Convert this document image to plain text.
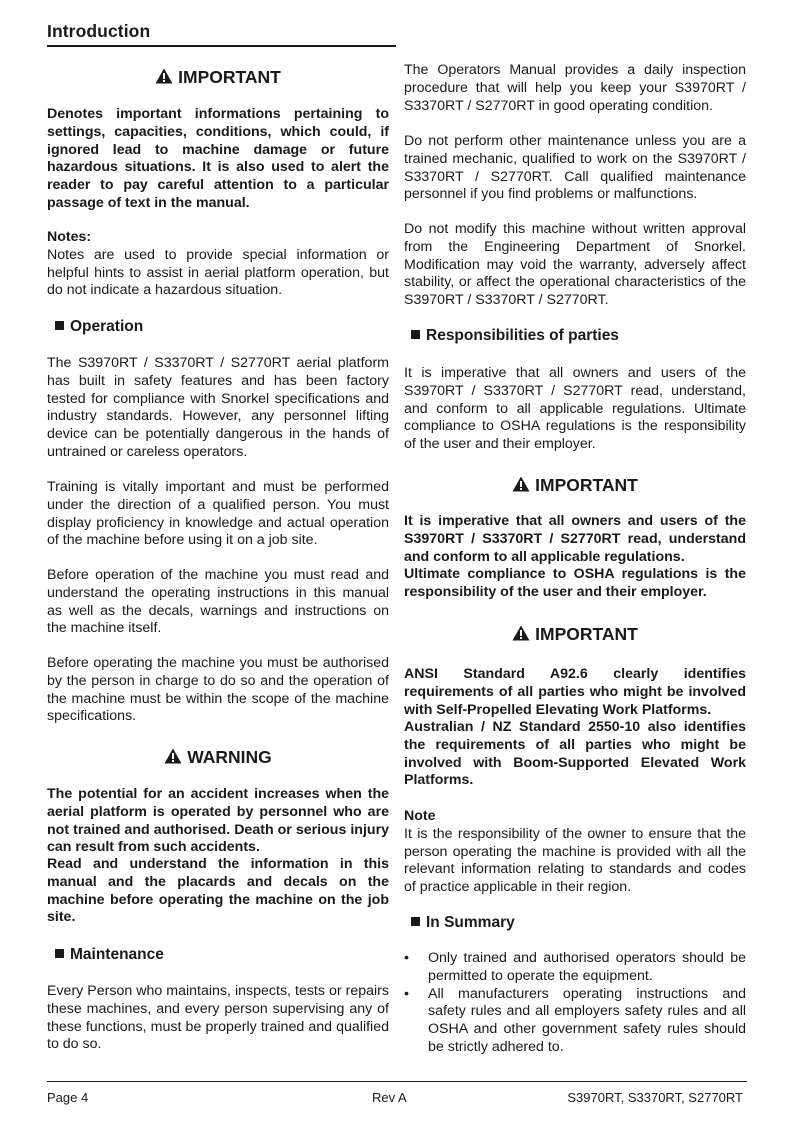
Introduction
IMPORTANT

Denotes important informations pertaining to settings, capacities, conditions, which could, if ignored lead to machine damage or future hazardous situations. It is also used to alert the reader to pay careful attention to a particular passage of text in the manual.

Notes:
Notes are used to provide special information or helpful hints to assist in aerial platform operation, but do not indicate a hazardous situation.

Operation

The S3970RT / S3370RT / S2770RT aerial platform has built in safety features and has been factory tested for compliance with Snorkel specifications and industry standards. However, any personnel lifting device can be potentially dangerous in the hands of untrained or careless operators.

Training is vitally important and must be performed under the direction of a qualified person. You must display proficiency in knowledge and actual operation of the machine before using it on a job site.

Before operation of the machine you must read and understand the operating instructions in this manual as well as the decals, warnings and instructions on the machine itself.

Before operating the machine you must be authorised by the person in charge to do so and the operation of the machine must be within the scope of the machine specifications.

WARNING

The potential for an accident increases when the aerial platform is operated by personnel who are not trained and authorised. Death or serious injury can result from such accidents.

Read and understand the information in this manual and the placards and decals on the machine before operating the machine on the job site.

Maintenance

Every Person who maintains, inspects, tests or repairs these machines, and every person supervising any of these functions, must be properly trained and qualified to do so.

The Operators Manual provides a daily inspection procedure that will help you keep your S3970RT / S3370RT / S2770RT in good operating condition.

Do not perform other maintenance unless you are a trained mechanic, qualified to work on the S3970RT / S3370RT / S2770RT. Call qualified maintenance personnel if you find problems or malfunctions.

Do not modify this machine without written approval from the Engineering Department of Snorkel. Modification may void the warranty, adversely affect stability, or affect the operational characteristics of the S3970RT / S3370RT / S2770RT.

Responsibilities of parties

It is imperative that all owners and users of the S3970RT / S3370RT / S2770RT read, understand, and conform to all applicable regulations. Ultimate compliance to OSHA regulations is the responsibility of the user and their employer.

IMPORTANT

It is imperative that all owners and users of the S3970RT / S3370RT / S2770RT read, understand and conform to all applicable regulations.

Ultimate compliance to OSHA regulations is the responsibility of the user and their employer.

IMPORTANT

ANSI Standard A92.6 clearly identifies requirements of all parties who might be involved with Self-Propelled Elevating Work Platforms.

Australian / NZ Standard 2550-10 also identifies the requirements of all parties who might be involved with Boom-Supported Elevated Work Platforms.

Note
It is the responsibility of the owner to ensure that the person operating the machine is provided with all the relevant information relating to standards and codes of practice applicable in their region.

In Summary
• Only trained and authorised operators should be permitted to operate the equipment.
• All manufacturers operating instructions and safety rules and all employers safety rules and all OSHA and other government safety rules should be strictly adhered to.
Page 4	Rev A	S3970RT, S3370RT, S2770RT
